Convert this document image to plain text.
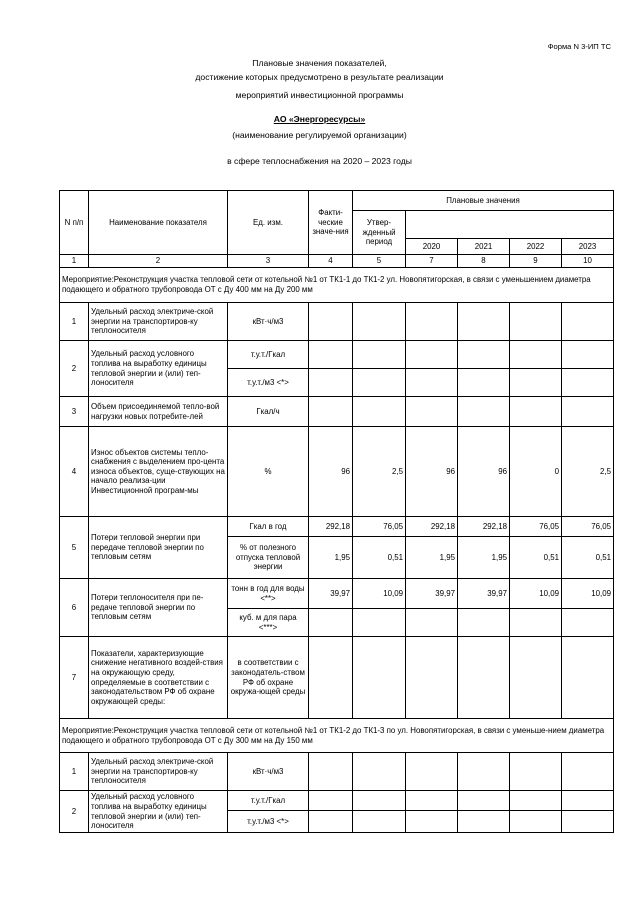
Форма N 3-ИП ТС
Плановые значения показателей,
достижение которых предусмотрено в результате реализации
мероприятий инвестиционной программы
АО «Энергоресурсы»
(наименование регулируемой организации)
в сфере теплоснабжения на 2020 – 2023 годы
N п/п	Наименование показателя	Ед. изм.	Факти-ческие значе-ния	Плановые значения				
				Утвер-жденный период				
					2020	2021	2022	2023
1	2	3	4	5	7	8	9	10
Мероприятие:Реконструкция участка тепловой сети от котельной №1 от ТК1-1 до ТК1-2 ул. Новопятигорская, в связи с уменьшением диаметра подающего и обратного трубопровода ОТ с Ду 400 мм на Ду 200 мм								
1	Удельный расход электриче-ской энергии на транспортиров-ку теплоносителя	кВт·ч/м3						
2	Удельный расход условного топлива на выработку единицы тепловой энергии и (или) теп-лоносителя	т.у.т./Гкал						
		т.у.т./м3 <*>						
3	Объем присоединяемой тепло-вой нагрузки новых потребите-лей	Гкал/ч						
4	Износ объектов системы тепло-снабжения с выделением про-цента износа объектов, суще-ствующих на начало реализа-ции Инвестиционной програм-мы	%	96	2,5	96	96	0	2,5
5	Потери тепловой энергии при передаче тепловой энергии по тепловым сетям	Гкал в год	292,18	76,05	292,18	292,18	76,05	76,05
		% от полезного отпуска тепловой энергии	1,95	0,51	1,95	1,95	0,51	0,51
6	Потери теплоносителя при пе-редаче тепловой энергии по тепловым сетям	тонн в год для воды <**>	39,97	10,09	39,97	39,97	10,09	10,09
		куб. м для пара <***>						
7	Показатели, характеризующие снижение негативного воздей-ствия на окружающую среду, определяемые в соответствии с законодательством РФ об охране окружающей среды:	в соответствии с законодатель-ством РФ об охране окружа-ющей среды						
Мероприятие:Реконструкция участка тепловой сети от котельной №1 от ТК1-2 до ТК1-3 по ул. Новопятигорская, в связи с уменьше-нием диаметра подающего и обратного трубопровода ОТ с Ду 300 мм на Ду 150 мм								
1	Удельный расход электриче-ской энергии на транспортиров-ку теплоносителя	кВт·ч/м3						
2	Удельный расход условного топлива на выработку единицы тепловой энергии и (или) теп-лоносителя	т.у.т./Гкал						
		т.у.т./м3 <*>						
